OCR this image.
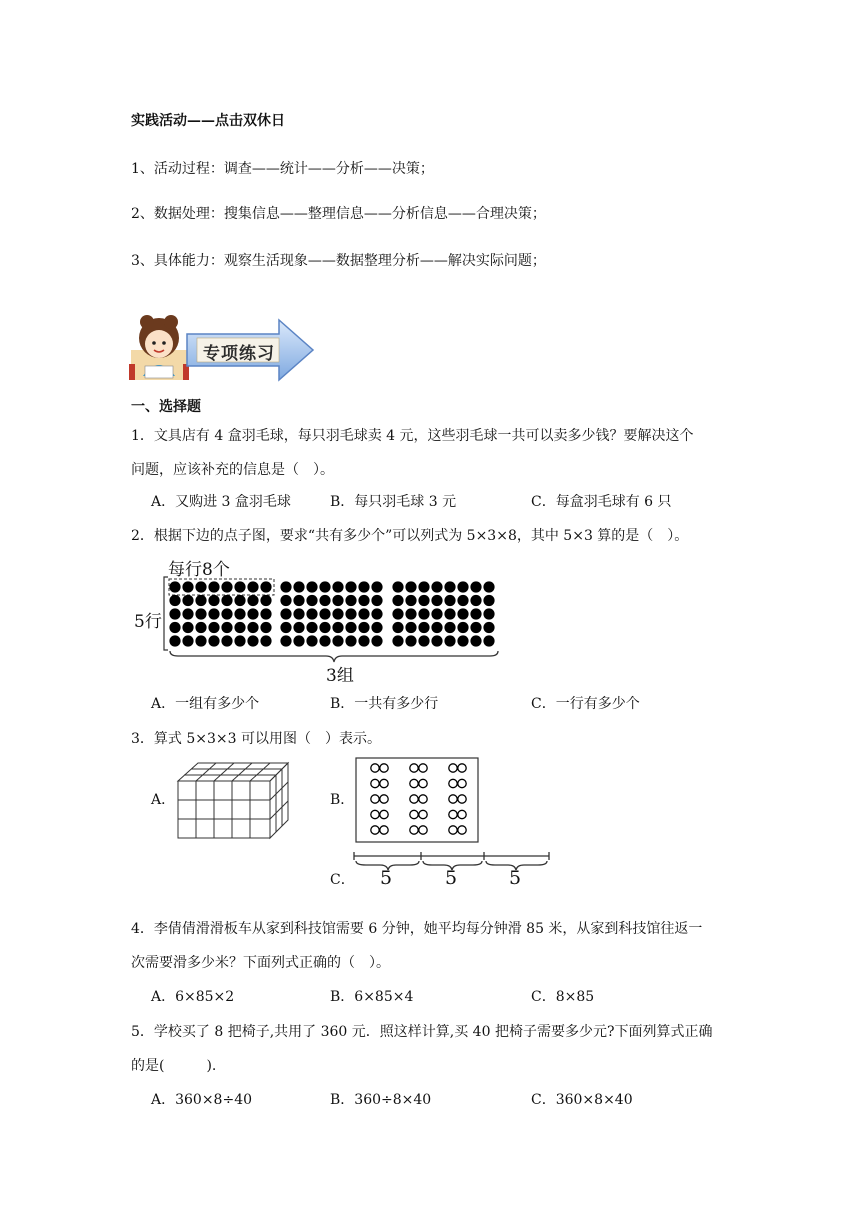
实践活动——点击双休日
1、活动过程：调查——统计——分析——决策；
2、数据处理：搜集信息——整理信息——分析信息——合理决策；
3、具体能力：观察生活现象——数据整理分析——解决实际问题；
专项练习
一、选择题
1．文具店有 4 盒羽毛球，每只羽毛球卖 4 元，这些羽毛球一共可以卖多少钱？要解决这个
问题，应该补充的信息是（　）。
A．又购进 3 盒羽毛球	B．每只羽毛球 3 元	C．每盒羽毛球有 6 只
2．根据下边的点子图，要求“共有多少个”可以列式为 5×3×8，其中 5×3 算的是（　）。
每行8个
5行
3组
A．一组有多少个	B．一共有多少行	C．一行有多少个
3．算式 5×3×3 可以用图（　）表示。
A．	B．
C． 5	5	5
4．李倩倩滑滑板车从家到科技馆需要 6 分钟，她平均每分钟滑 85 米，从家到科技馆往返一
次需要滑多少米？下面列式正确的（　）。
A．6×85×2	B．6×85×4	C．8×85
5．学校买了 8 把椅子,共用了 360 元．照这样计算,买 40 把椅子需要多少元?下面列算式正确
的是(　　　).
A．360×8÷40	B．360÷8×40	C．360×8×40
